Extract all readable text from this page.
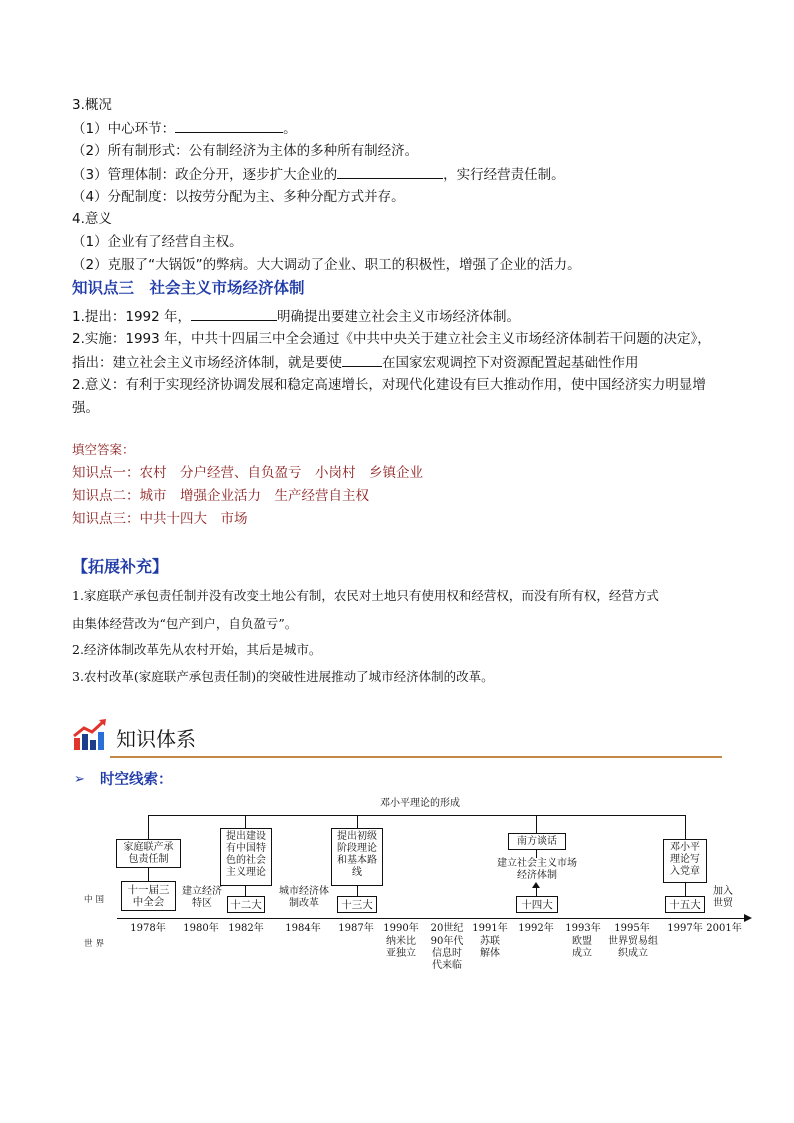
3.概况
（1）中心环节：	。
（2）所有制形式：公有制经济为主体的多种所有制经济。
（3）管理体制：政企分开，逐步扩大企业的	，实行经营责任制。
（4）分配制度：以按劳分配为主、多种分配方式并存。
4.意义
（1）企业有了经营自主权。
（2）克服了“大锅饭”的弊病。大大调动了企业、职工的积极性，增强了企业的活力。
知识点三　社会主义市场经济体制
1.提出：1992 年，	明确提出要建立社会主义市场经济体制。
2.实施：1993 年，中共十四届三中全会通过《中共中央关于建立社会主义市场经济体制若干问题的决定》，
指出：建立社会主义市场经济体制，就是要使	在国家宏观调控下对资源配置起基础性作用
2.意义：有利于实现经济协调发展和稳定高速增长，对现代化建设有巨大推动作用，使中国经济实力明显增
强。
填空答案：
知识点一：农村　分户经营、自负盈亏　小岗村　乡镇企业
知识点二：城市　增强企业活力　生产经营自主权
知识点三：中共十四大　市场
【拓展补充】
1.家庭联产承包责任制并没有改变土地公有制，农民对土地只有使用权和经营权，而没有所有权，经营方式
由集体经营改为“包产到户，自负盈亏”。
2.经济体制改革先从农村开始，其后是城市。
3.农村改革(家庭联产承包责任制)的突破性进展推动了城市经济体制的改革。
知识体系
➢ 时空线索：
邓小平理论的形成
中国
世界
家庭联产承包责任制
十一届三中全会
建立经济特区
提出建设有中国特色的社会主义理论
十二大
城市经济体制改革
提出初级阶段理论和基本路线
十三大
南方谈话
建立社会主义市场经济体制
十四大
邓小平理论写入党章
十五大
加入世贸
1978年 1980年 1982年 1984年 1987年 1990年	20世纪 1991年 1992年 1993年 1995年 1997年 2001年
纳米比亚独立
90年代信息时代来临
苏联解体
欧盟成立
世界贸易组织成立
